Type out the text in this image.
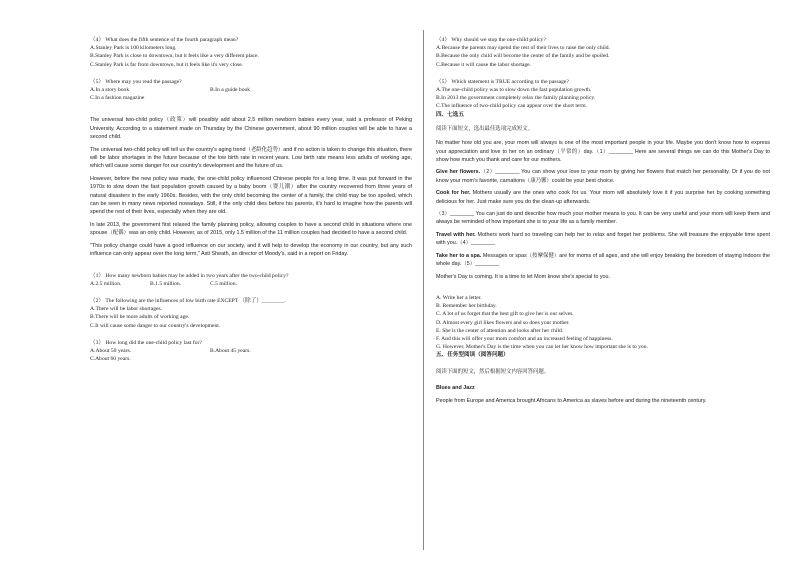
（4） What does the fifth sentence of the fourth paragraph mean?

A.Stanley Park is 100 kilometers long.

B.Stanley Park is close to downtown, but it feels like a very different place.

C.Stanley Park is far from downtown, but it feels like it's very close.

（5） Where may you read the passage?

A.In a story book	B.In a guide book

C.In a fashion magazine

The universal two-child policy（政策）will possibly add about 2.5 million newborn babies every year, said a professor of Peking University. According to a statement made on Thursday by the Chinese government, about 90 million couples will be able to have a second child.

The universal two-child policy will tell us the country's aging trend（老龄化趋势）and if no action is taken to change this situation, there will be labor shortages in the future because of the low birth rate in recent years. Low birth rate means less adults of working age, which will cause some danger for our country's development and the future of us.

However, before the new policy was made, the one-child policy influenced Chinese people for a long time. It was put forward in the 1970s to slow down the fast population growth caused by a baby boom（婴儿潮）after the country recovered from three years of natural disasters in the early 1960s. Besides, with the only child becoming the center of a family, the child may be too spoiled, which can be seen in many news reported nowadays. Still, if the only child dies before his parents, it's hard to imagine how the parents will spend the rest of their lives, especially when they are old.

In late 2013, the government first relaxed the family planning policy, allowing couples to have a second child in situations where one spouse（配偶）was an only child. However, as of 2015, only 1.5 million of the 11 million couples had decided to have a second child.

"This policy change could have a good influence on our society, and it will help to develop the economy in our country, but any such influence can only appear over the long term," Asti Sheath, an director of Moody's, said in a report on Friday.

（1） How many newborn babies may be added in two years after the two-child policy?

A.2.5 million.	B.1.5 million.	C.5 million.

（2） The following are the influences of low birth rate EXCEPT （除了）________.

A.There will be labor shortages.

B.There will be more adults of working age.

C.It will cause some danger to our country's development.

（3） How long did the one-child policy last for?

A.About 50 years.	B.About 45 years.

C.About 60 years.

（4） Why should we stop the one-child policy?

A.Because the parents may spend the rest of their lives to raise the only child.

B.Because the only child will become the center of the family and be spoiled.

C.Because it will cause the labor shortage.

（5） Which statement is TRUE according to the passage?

A.The one-child policy was to slow down the fast population growth.

B.In 2013 the government completely relax the family planning policy.

C.The influence of two-child policy can appear over the short term.

四、七选五

阅读下面短文，选出最佳选项完成短文。

No matter how old you are, your mom will always is one of the most important people in your life. Maybe you don't know how to express your appreciation and love to her on an ordinary（平常的）day.（1）________ Here are several things we can do this Mother's Day to show how much you thank and care for our mothers.

Give her flowers.（2）________ You can show your love to your mom by giving her flowers that match her personality. Or if you do not know your mom's favorite, carnations（康乃馨）could be your best choice.

Cook for her. Mothers usually are the ones who cook for us. Your mom will absolutely love it if you surprise her by cooking something delicious for her. Just make sure you do the clean-up afterwards.

（3）________ You can just do and describe how much your mother means to you. It can be very useful and your mom will keep them and always be reminded of how important she is to your life as a family member.

Travel with her. Mothers work hard so traveling can help her to relax and forget her problems. She will treasure the enjoyable time spent with you.（4）________

Take her to a spa. Messages or spas（按摩保健）are for moms of all ages, and she will enjoy breaking the boredom of staying indoors the whole day.（5）________

Mother's Day is coming. It is a time to let Mom know she's special to you.

A. Write her a letter.

B. Remember her birthday.

C. A lot of us forget that the best gift to give her is our selves.

D. Almost every girl likes flowers and so does your mother.

E. She is the center of attention and looks after her child.

F. And this will offer your mom comfort and an increased feeling of happiness.

G. However, Mother's Day is the time when you can let her know how important she is to you.

五、任务型阅读（阅答问题）

阅读下面的短文，然后根据短文内容回答问题。

Blues and Jazz

People from Europe and America brought Africans to America as slaves before and during the nineteenth century.
